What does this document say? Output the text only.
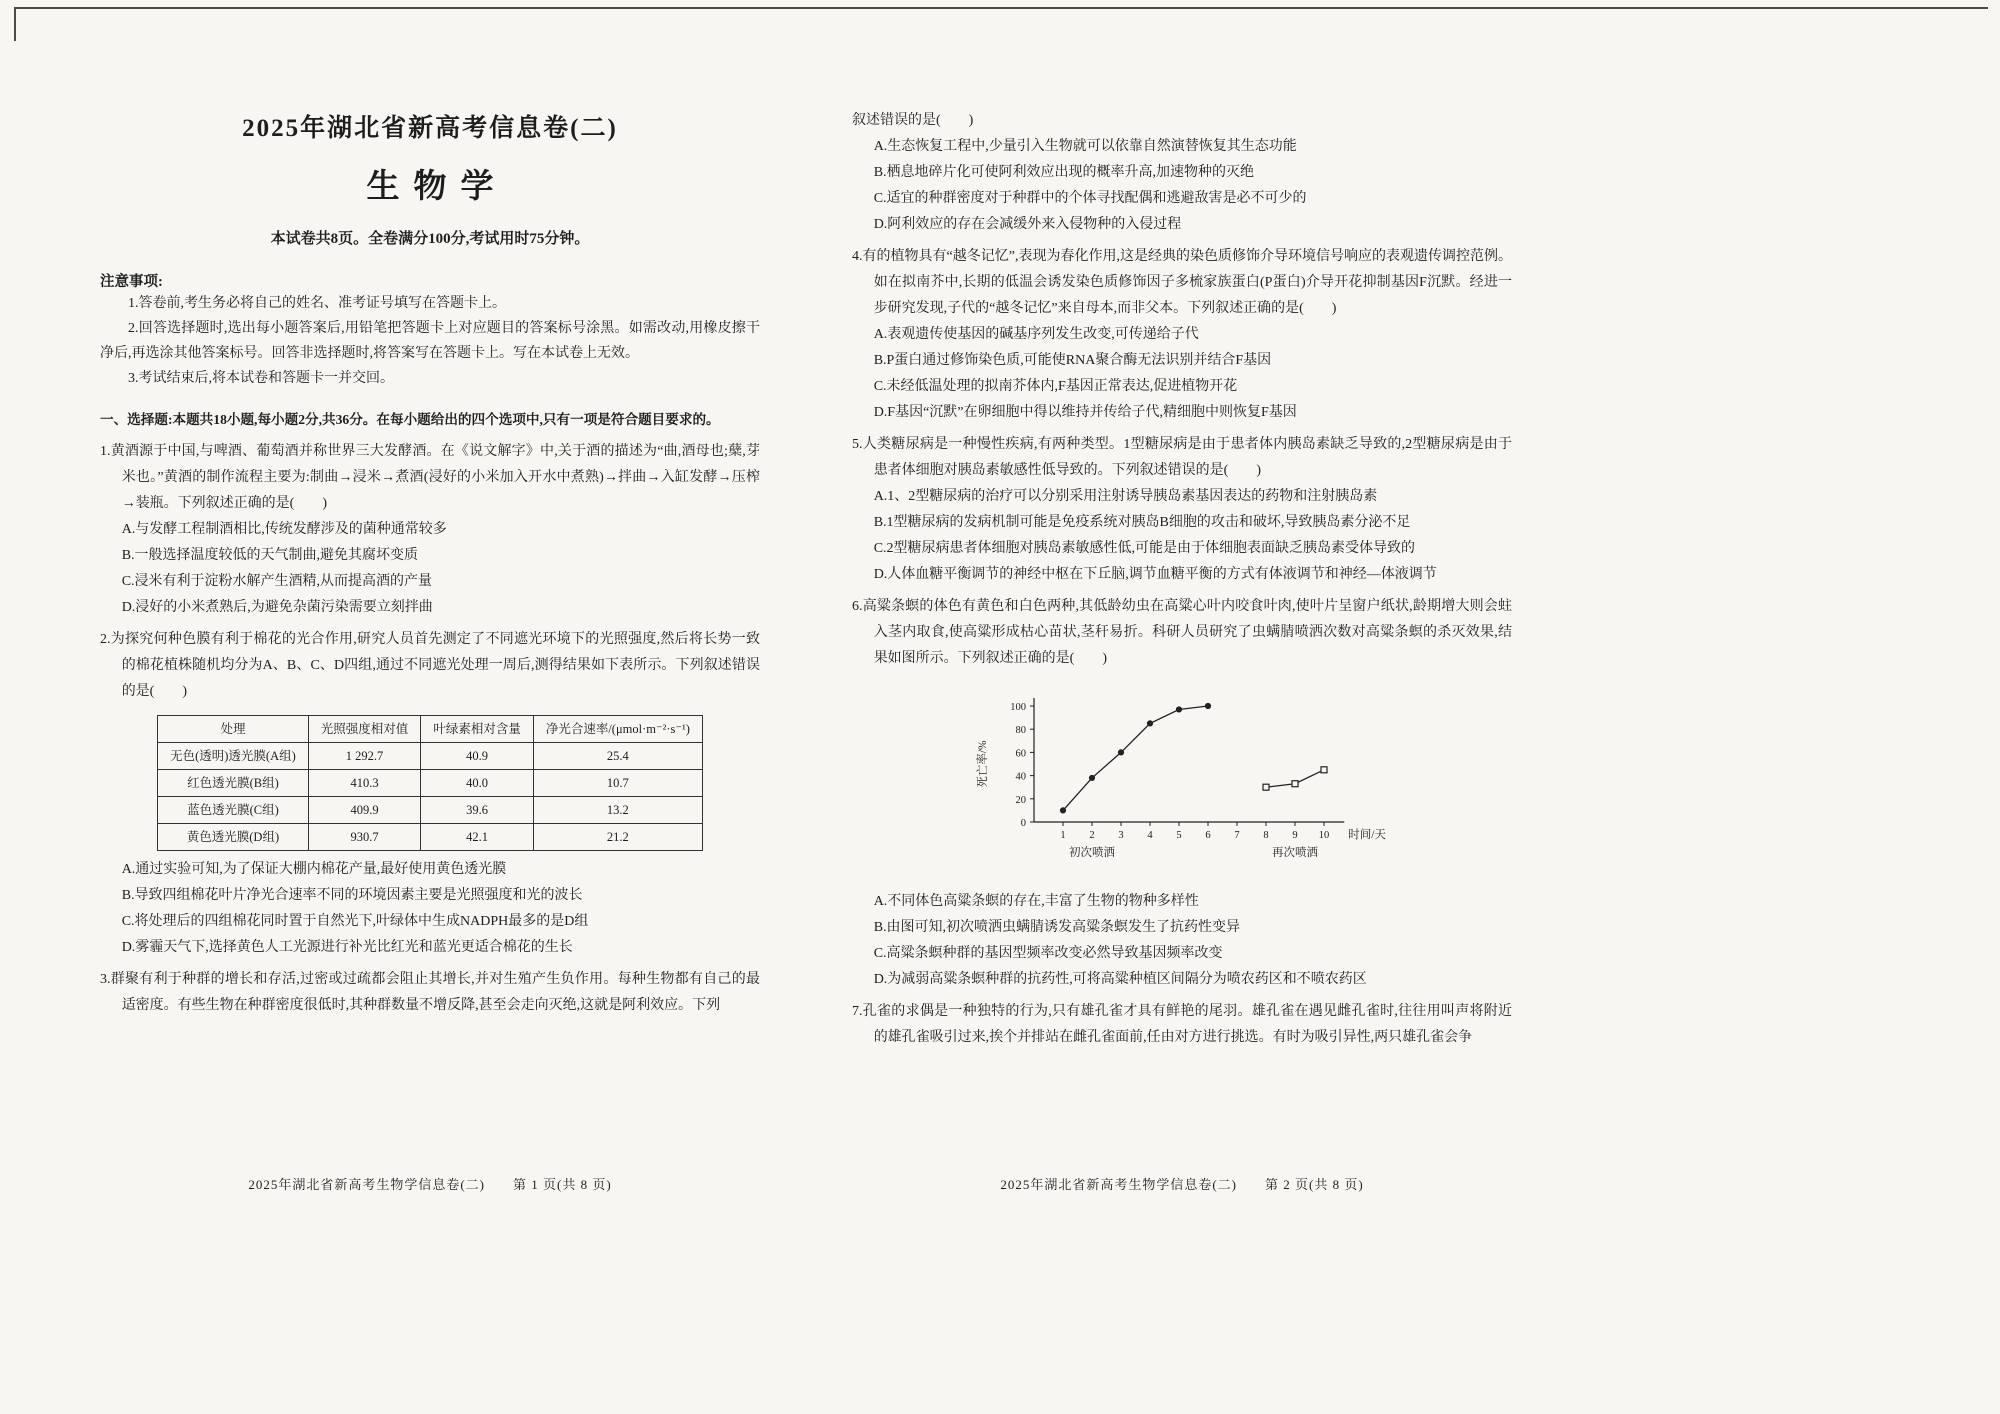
2025年湖北省新高考信息卷(二)
生物学
本试卷共8页。全卷满分100分,考试用时75分钟。
注意事项:
1.答卷前,考生务必将自己的姓名、准考证号填写在答题卡上。
2.回答选择题时,选出每小题答案后,用铅笔把答题卡上对应题目的答案标号涂黑。如需改动,用橡皮擦干净后,再选涂其他答案标号。回答非选择题时,将答案写在答题卡上。写在本试卷上无效。
3.考试结束后,将本试卷和答题卡一并交回。
一、选择题:本题共18小题,每小题2分,共36分。在每小题给出的四个选项中,只有一项是符合题目要求的。
1.黄酒源于中国,与啤酒、葡萄酒并称世界三大发酵酒。在《说文解字》中,关于酒的描述为“曲,酒母也;蘖,芽米也。”黄酒的制作流程主要为:制曲→浸米→煮酒(浸好的小米加入开水中煮熟)→拌曲→入缸发酵→压榨→装瓶。下列叙述正确的是(　　)
A.与发酵工程制酒相比,传统发酵涉及的菌种通常较多
B.一般选择温度较低的天气制曲,避免其腐坏变质
C.浸米有利于淀粉水解产生酒精,从而提高酒的产量
D.浸好的小米煮熟后,为避免杂菌污染需要立刻拌曲
2.为探究何种色膜有利于棉花的光合作用,研究人员首先测定了不同遮光环境下的光照强度,然后将长势一致的棉花植株随机均分为A、B、C、D四组,通过不同遮光处理一周后,测得结果如下表所示。下列叙述错误的是(　　)
处理	光照强度相对值	叶绿素相对含量	净光合速率/(μmol·m⁻²·s⁻¹)
无色(透明)透光膜(A组)	1 292.7	40.9	25.4
红色透光膜(B组)	410.3	40.0	10.7
蓝色透光膜(C组)	409.9	39.6	13.2
黄色透光膜(D组)	930.7	42.1	21.2
A.通过实验可知,为了保证大棚内棉花产量,最好使用黄色透光膜
B.导致四组棉花叶片净光合速率不同的环境因素主要是光照强度和光的波长
C.将处理后的四组棉花同时置于自然光下,叶绿体中生成NADPH最多的是D组
D.雾霾天气下,选择黄色人工光源进行补光比红光和蓝光更适合棉花的生长
3.群聚有利于种群的增长和存活,过密或过疏都会阻止其增长,并对生殖产生负作用。每种生物都有自己的最适密度。有些生物在种群密度很低时,其种群数量不增反降,甚至会走向灭绝,这就是阿利效应。下列
2025年湖北省新高考生物学信息卷(二)　　第 1 页(共 8 页)
叙述错误的是(　　)
A.生态恢复工程中,少量引入生物就可以依靠自然演替恢复其生态功能
B.栖息地碎片化可使阿利效应出现的概率升高,加速物种的灭绝
C.适宜的种群密度对于种群中的个体寻找配偶和逃避敌害是必不可少的
D.阿利效应的存在会减缓外来入侵物种的入侵过程
4.有的植物具有“越冬记忆”,表现为春化作用,这是经典的染色质修饰介导环境信号响应的表观遗传调控范例。如在拟南芥中,长期的低温会诱发染色质修饰因子多梳家族蛋白(P蛋白)介导开花抑制基因F沉默。经进一步研究发现,子代的“越冬记忆”来自母本,而非父本。下列叙述正确的是(　　)
A.表观遗传使基因的碱基序列发生改变,可传递给子代
B.P蛋白通过修饰染色质,可能使RNA聚合酶无法识别并结合F基因
C.未经低温处理的拟南芥体内,F基因正常表达,促进植物开花
D.F基因“沉默”在卵细胞中得以维持并传给子代,精细胞中则恢复F基因
5.人类糖尿病是一种慢性疾病,有两种类型。1型糖尿病是由于患者体内胰岛素缺乏导致的,2型糖尿病是由于患者体细胞对胰岛素敏感性低导致的。下列叙述错误的是(　　)
A.1、2型糖尿病的治疗可以分别采用注射诱导胰岛素基因表达的药物和注射胰岛素
B.1型糖尿病的发病机制可能是免疫系统对胰岛B细胞的攻击和破坏,导致胰岛素分泌不足
C.2型糖尿病患者体细胞对胰岛素敏感性低,可能是由于体细胞表面缺乏胰岛素受体导致的
D.人体血糖平衡调节的神经中枢在下丘脑,调节血糖平衡的方式有体液调节和神经—体液调节
6.高粱条螟的体色有黄色和白色两种,其低龄幼虫在高粱心叶内咬食叶肉,使叶片呈窗户纸状,龄期增大则会蛀入茎内取食,使高粱形成枯心苗状,茎秆易折。科研人员研究了虫螨腈喷洒次数对高粱条螟的杀灭效果,结果如图所示。下列叙述正确的是(　　)
0
20
40
60
80
100
1 2 3 4 5 6 7 8 9 10 时间/天
死亡率/%
初次喷洒	再次喷洒
A.不同体色高粱条螟的存在,丰富了生物的物种多样性
B.由图可知,初次喷洒虫螨腈诱发高粱条螟发生了抗药性变异
C.高粱条螟种群的基因型频率改变必然导致基因频率改变
D.为减弱高粱条螟种群的抗药性,可将高粱种植区间隔分为喷农药区和不喷农药区
7.孔雀的求偶是一种独特的行为,只有雄孔雀才具有鲜艳的尾羽。雄孔雀在遇见雌孔雀时,往往用叫声将附近的雄孔雀吸引过来,挨个并排站在雌孔雀面前,任由对方进行挑选。有时为吸引异性,两只雄孔雀会争
2025年湖北省新高考生物学信息卷(二)　　第 2 页(共 8 页)
